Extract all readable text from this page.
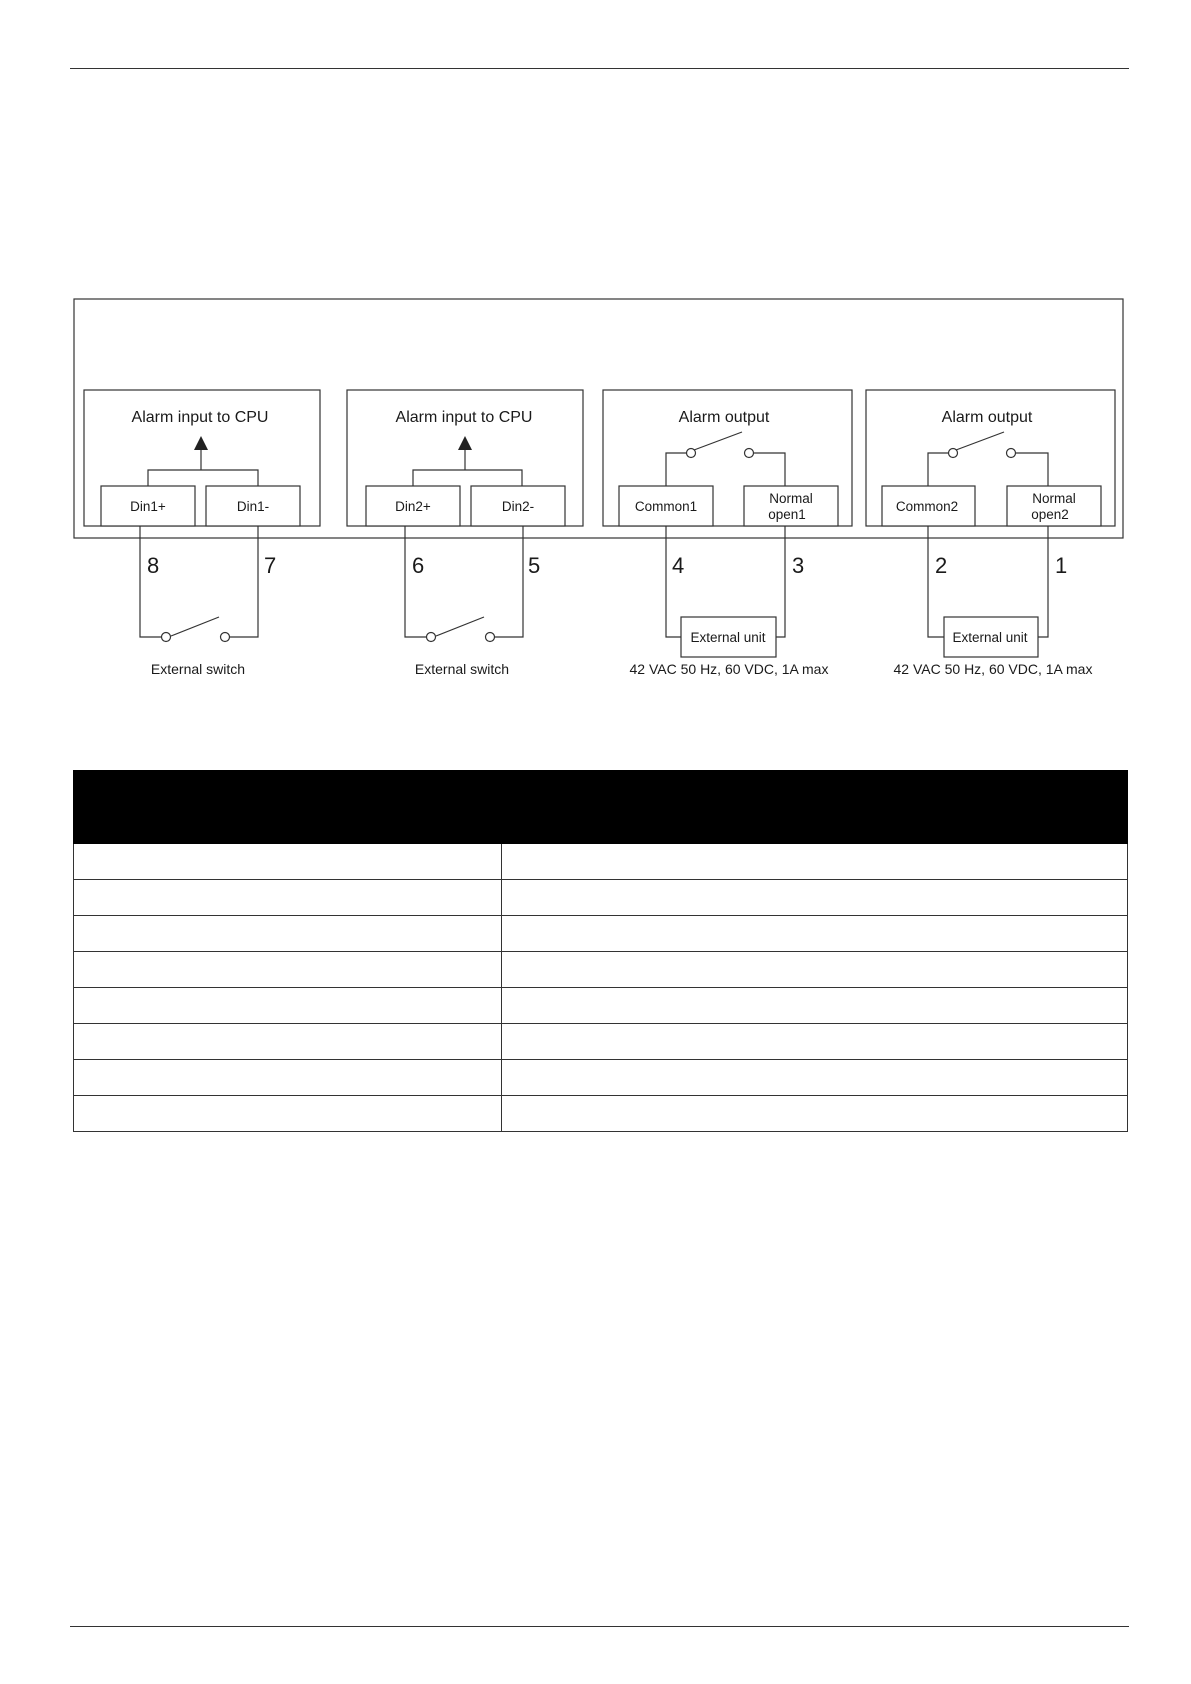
Alarm input to CPU
Din1+	Din1-
8	7
External switch
Alarm input to CPU
Din2+	Din2-
6	5
External switch
Alarm output
Common1
Normal
open1
External unit
4	3
42 VAC 50 Hz, 60 VDC, 1A max
Alarm output
Common2
Normal
open2
External unit
2	1
42 VAC 50 Hz, 60 VDC, 1A max
